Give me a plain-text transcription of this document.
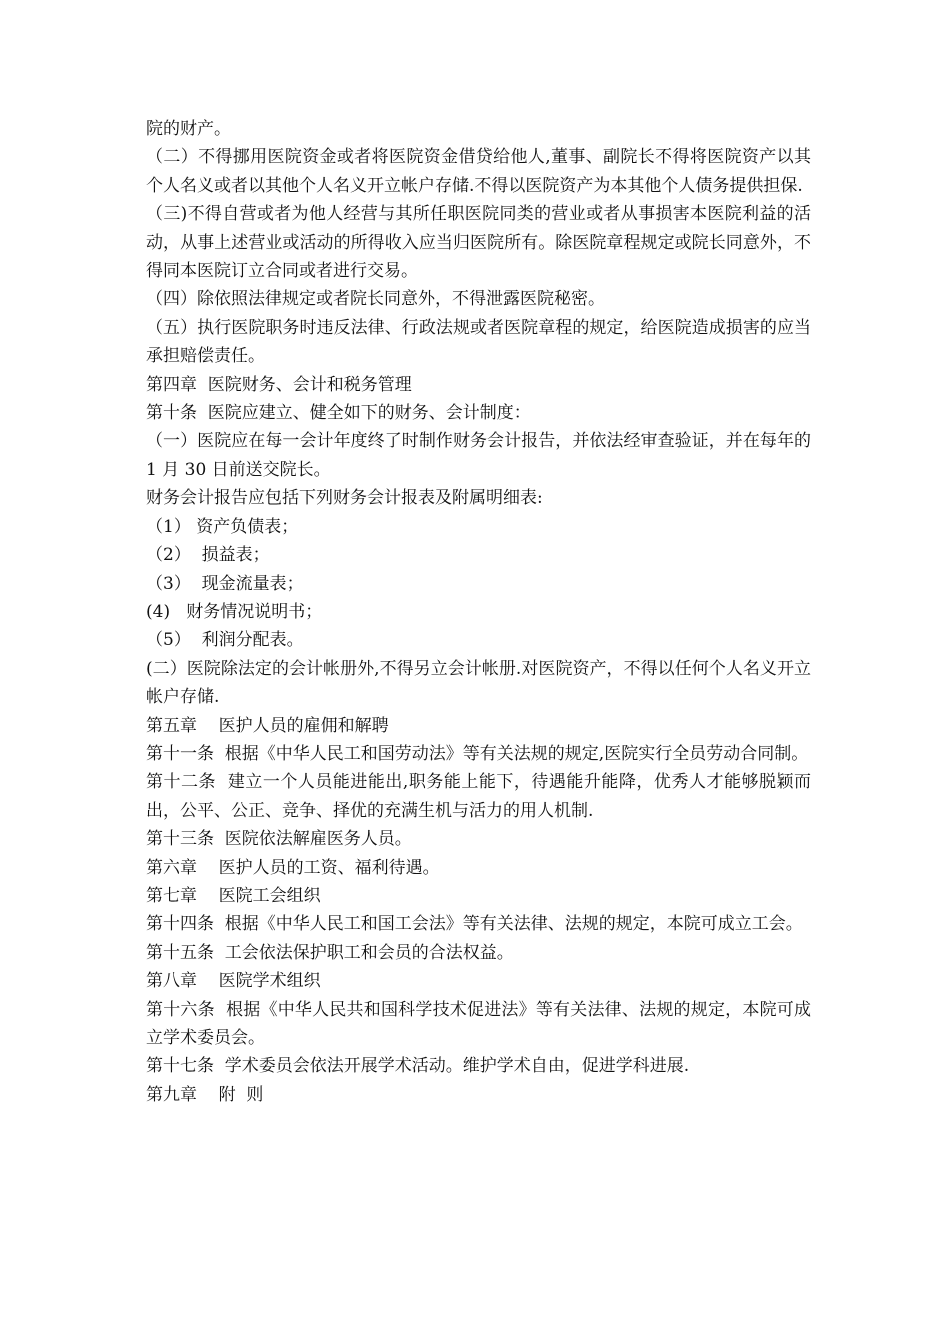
院的财产。

（二）不得挪用医院资金或者将医院资金借贷给他人,董事、副院长不得将医院资产以其个人名义或者以其他个人名义开立帐户存储.不得以医院资产为本其他个人债务提供担保.

（三)不得自营或者为他人经营与其所任职医院同类的营业或者从事损害本医院利益的活动，从事上述营业或活动的所得收入应当归医院所有。除医院章程规定或院长同意外，不得同本医院订立合同或者进行交易。

（四）除依照法律规定或者院长同意外，不得泄露医院秘密。

（五）执行医院职务时违反法律、行政法规或者医院章程的规定，给医院造成损害的应当承担赔偿责任。

第四章  医院财务、会计和税务管理

第十条  医院应建立、健全如下的财务、会计制度：

（一）医院应在每一会计年度终了时制作财务会计报告，并依法经审查验证，并在每年的 1 月 30 日前送交院长。

财务会计报告应包括下列财务会计报表及附属明细表:

（1） 资产负债表；

（2）  损益表；

（3）  现金流量表；

(4)   财务情况说明书；

（5）  利润分配表。

(二）医院除法定的会计帐册外,不得另立会计帐册.对医院资产，不得以任何个人名义开立帐户存储.

第五章    医护人员的雇佣和解聘

第十一条  根据《中华人民工和国劳动法》等有关法规的规定,医院实行全员劳动合同制。

第十二条  建立一个人员能进能出,职务能上能下，待遇能升能降，优秀人才能够脱颖而出，公平、公正、竞争、择优的充满生机与活力的用人机制.

第十三条  医院依法解雇医务人员。

第六章    医护人员的工资、福利待遇。

第七章    医院工会组织

第十四条  根据《中华人民工和国工会法》等有关法律、法规的规定，本院可成立工会。

第十五条  工会依法保护职工和会员的合法权益。

第八章    医院学术组织

第十六条  根据《中华人民共和国科学技术促进法》等有关法律、法规的规定，本院可成立学术委员会。

第十七条  学术委员会依法开展学术活动。维护学术自由，促进学科进展.

第九章    附  则
